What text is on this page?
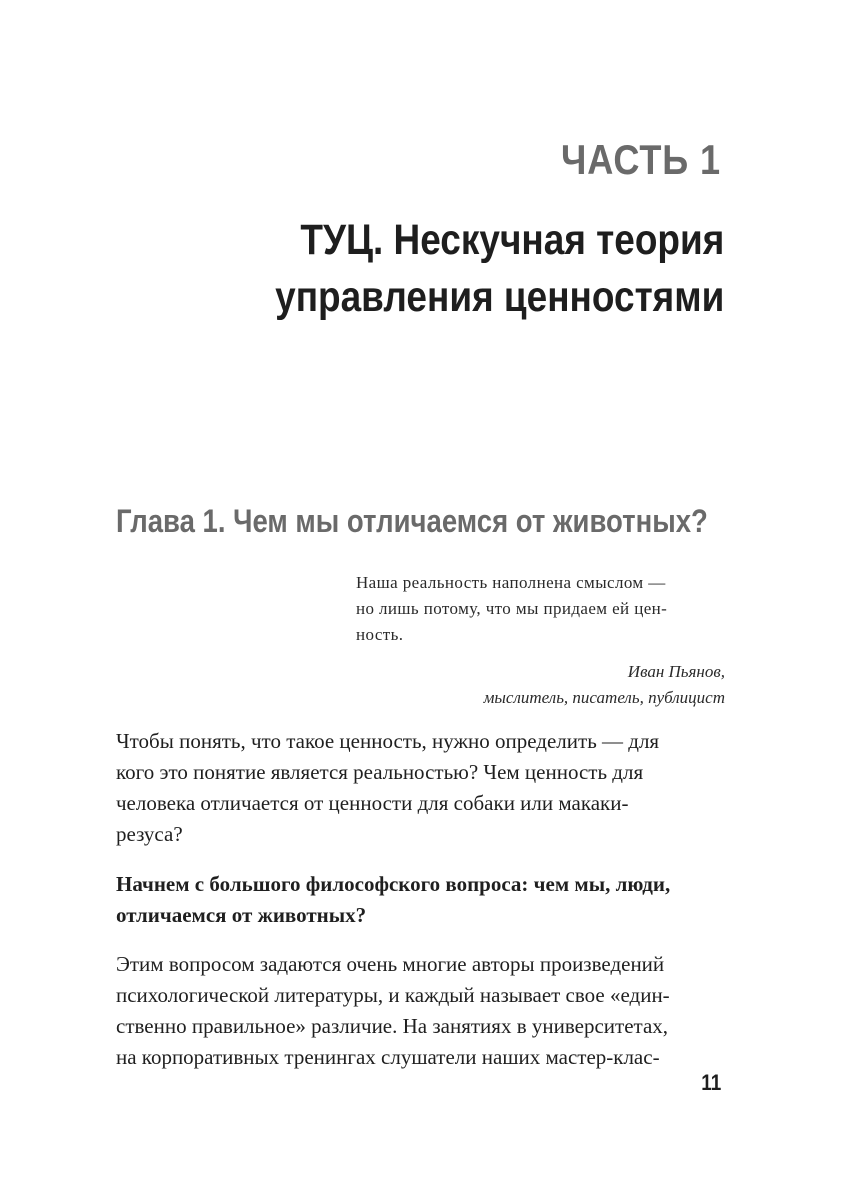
ЧАСТЬ 1
ТУЦ. Нескучная теория
управления ценностями
Глава 1. Чем мы отличаемся от животных?
Наша реальность наполнена смыслом —
но лишь потому, что мы придаем ей цен-
ность.
Иван Пьянов,
мыслитель, писатель, публицист

Чтобы понять, что такое ценность, нужно определить — для
кого это понятие является реальностью? Чем ценность для
человека отличается от ценности для собаки или макаки-
резуса?

Начнем с большого философского вопроса: чем мы, люди,
отличаемся от животных?

Этим вопросом задаются очень многие авторы произведений
психологической литературы, и каждый называет свое «един-
ственно правильное» различие. На занятиях в университетах,
на корпоративных тренингах слушатели наших мастер-клас-

11
